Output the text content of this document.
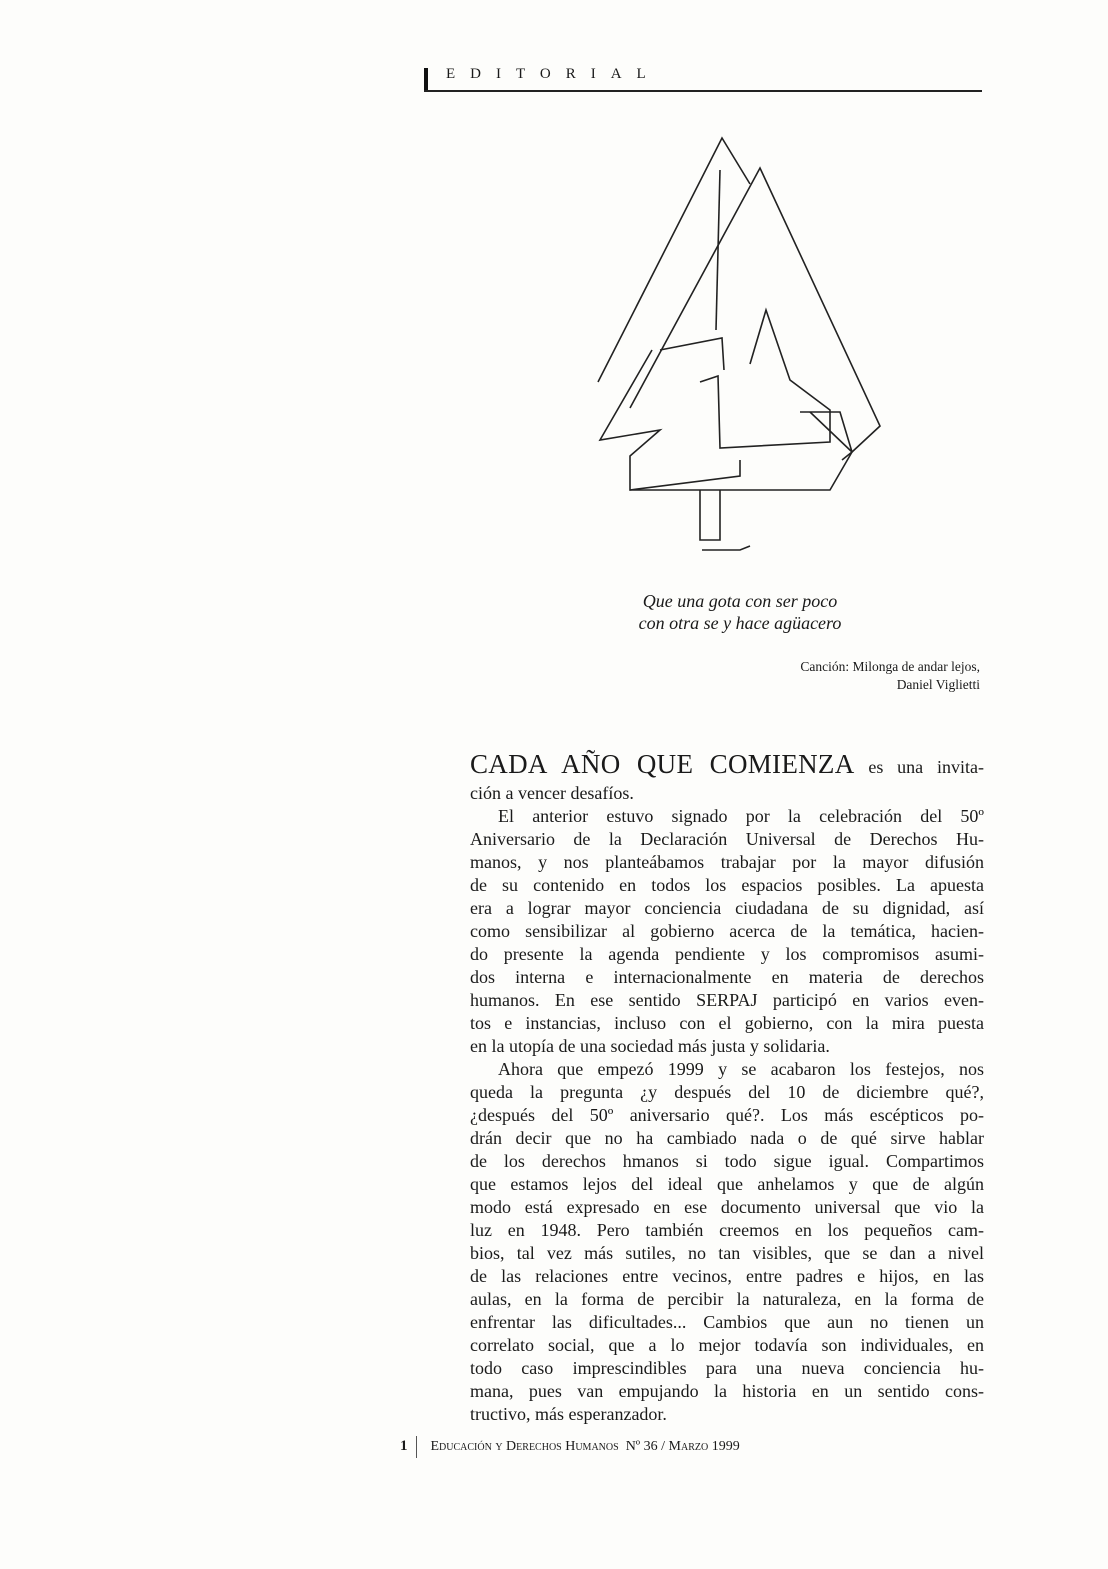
EDITORIAL
Que una gota con ser poco
con otra se y hace agüacero
Canción: Milonga de andar lejos,
Daniel Viglietti
CADA AÑO QUE COMIENZA es una invita-
ción a vencer desafíos.
El anterior estuvo signado por la celebración del 50º
Aniversario de la Declaración Universal de Derechos Hu-
manos, y nos planteábamos trabajar por la mayor difusión
de su contenido en todos los espacios posibles. La apuesta
era a lograr mayor conciencia ciudadana de su dignidad, así
como sensibilizar al gobierno acerca de la temática, hacien-
do presente la agenda pendiente y los compromisos asumi-
dos interna e internacionalmente en materia de derechos
humanos. En ese sentido SERPAJ participó en varios even-
tos e instancias, incluso con el gobierno, con la mira puesta
en la utopía de una sociedad más justa y solidaria.
Ahora que empezó 1999 y se acabaron los festejos, nos
queda la pregunta ¿y después del 10 de diciembre qué?,
¿después del 50º aniversario qué?. Los más escépticos po-
drán decir que no ha cambiado nada o de qué sirve hablar
de los derechos hmanos si todo sigue igual. Compartimos
que estamos lejos del ideal que anhelamos y que de algún
modo está expresado en ese documento universal que vio la
luz en 1948. Pero también creemos en los pequeños cam-
bios, tal vez más sutiles, no tan visibles, que se dan a nivel
de las relaciones entre vecinos, entre padres e hijos, en las
aulas, en la forma de percibir la naturaleza, en la forma de
enfrentar las dificultades... Cambios que aun no tienen un
correlato social, que a lo mejor todavía son individuales, en
todo caso imprescindibles para una nueva conciencia hu-
mana, pues van empujando la historia en un sentido cons-
tructivo, más esperanzador.
1 Educación y Derechos Humanos Nº 36 / Marzo 1999
